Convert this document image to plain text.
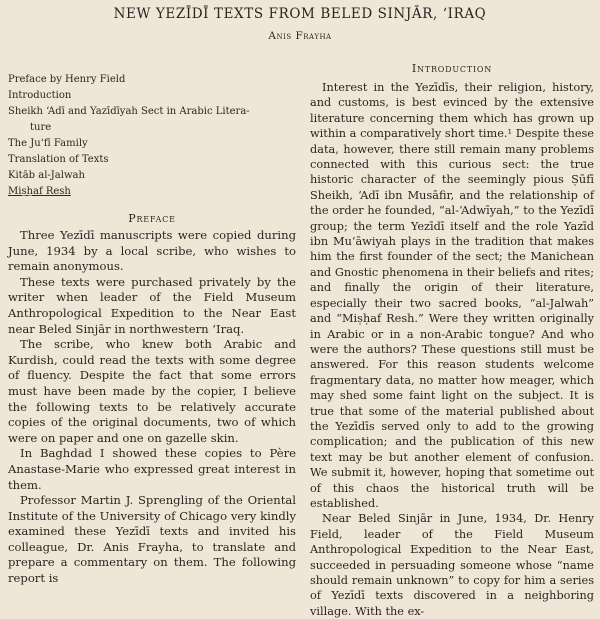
NEW YEZĪDĪ TEXTS FROM BELED SINJĀR, ‘IRAQ
Anis Frayha
Preface by Henry Field
Introduction
Sheikh ‘Adī and Yazīdīyah Sect in Arabic Litera-
ture
The Ju‘fī Family
Translation of Texts
Kitāb al-Jalwah
Miṣḥaf Resh
Preface

Three Yezīdī manuscripts were copied during June, 1934 by a local scribe, who wishes to remain anonymous.

These texts were purchased privately by the writer when leader of the Field Museum Anthropological Expedition to the Near East near Beled Sinjār in northwestern ‘Iraq.

The scribe, who knew both Arabic and Kurdish, could read the texts with some degree of fluency. Despite the fact that some errors must have been made by the copier, I believe the following texts to be relatively accurate copies of the original documents, two of which were on paper and one on gazelle skin.

In Baghdad I showed these copies to Père Anastase-Marie who expressed great interest in them.

Professor Martin J. Sprengling of the Oriental Institute of the University of Chicago very kindly examined these Yezīdī texts and invited his colleague, Dr. Anis Frayha, to translate and prepare a commentary on them. The following report is

Introduction

Interest in the Yezīdīs, their religion, history, and customs, is best evinced by the extensive literature concerning them which has grown up within a comparatively short time.¹ Despite these data, however, there still remain many problems connected with this curious sect: the true historic character of the seemingly pious Ṣūfī Sheikh, ‘Adī ibn Musāfir, and the relationship of the order he founded, “al-‘Adwīyah,” to the Yezīdī group; the term Yezīdī itself and the role Yazīd ibn Mu‘āwiyah plays in the tradition that makes him the first founder of the sect; the Manichean and Gnostic phenomena in their beliefs and rites; and finally the origin of their literature, especially their two sacred books, “al-Jalwah” and “Miṣḥaf Resh.” Were they written originally in Arabic or in a non-Arabic tongue? And who were the authors? These questions still must be answered. For this reason students welcome fragmentary data, no matter how meager, which may shed some faint light on the subject. It is true that some of the material published about the Yezīdīs served only to add to the growing complication; and the publication of this new text may be but another element of confusion. We submit it, however, hoping that sometime out of this chaos the historical truth will be established.

Near Beled Sinjār in June, 1934, Dr. Henry Field, leader of the Field Museum Anthropological Expedition to the Near East, succeeded in persuading someone whose “name should remain unknown” to copy for him a series of Yezīdī texts discovered in a neighboring village. With the ex-
